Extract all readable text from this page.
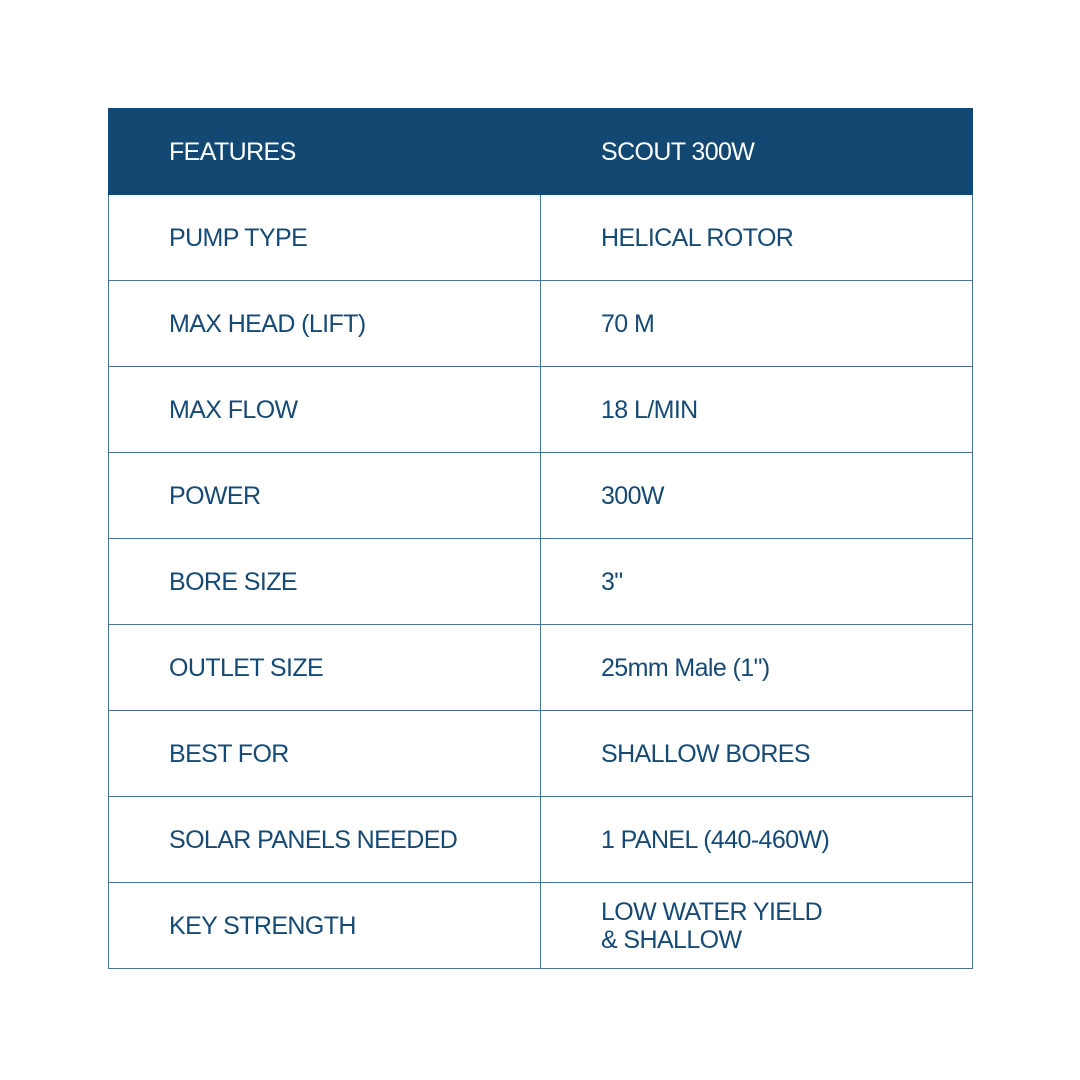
FEATURES	SCOUT 300W
PUMP TYPE	HELICAL ROTOR
MAX HEAD (LIFT)	70 M
MAX FLOW	18 L/MIN
POWER	300W
BORE SIZE	3"
OUTLET SIZE	25mm Male (1")
BEST FOR	SHALLOW BORES
SOLAR PANELS NEEDED	1 PANEL (440-460W)
KEY STRENGTH	LOW WATER YIELD
& SHALLOW
